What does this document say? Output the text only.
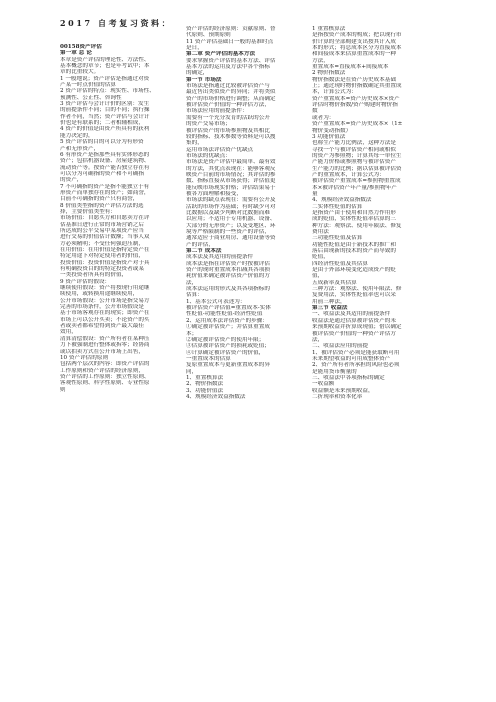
2017 自考复习资料：
00158资产评估
第一章 总 论
本章是资产评估的理论性、方法性、
基本概念的章节；也是年考试中；本
章的比重较大。
1 一般地说；资产评估是指通过对资
产某一时点价值的估算
2 资产评估的特点：现实性、市场性、
预测性、公正性、咨询性
3 资产评估与会计计价的区别：发生
的前提条件不同；目的不同；执行操
作者不同，当然；资产评估与会计计
价也是有联系的；二者相辅相成，
4 资产的价值是由资产所具有的获利
能力决定的，
5 资产评估的目的可以分为有形资
产和无形资产，
6 有形资产是指那些具有实体形态的
资产；包括机器设备、房屋建筑物、
流动资产等。按资产能否独立存在有
可以分为可确指的资产和不可确指
的资产，
7 不可确指的资产是指不能独立于有
形资产而单独存在的资产；如商誉，
目前不可确指的资产只有商誉，
8 价值类型指的资产评估方法的选
择，主要价值类型有：
市场价值：自愿买方和自愿卖方在评
估基准日进行正常的市场营销之后
所达成的公平交易中某项资产应当
进行交易的价值估计数额；当事人双
方必须精明；不受任何强迫压制，
在用价值：在用价值是指特定资产在
特定用途下对特定使用者的价值，
投资价值：投资价值是指资产对于具
有明确投资目的的特定投资者或某
一类投资者所具有的价值，
9 资产评估的假设：
继续使用假设：资产将按现行用途继
续使用，或转换用途继续使用，
公开市场假设：公开市场是指交易方
完善的市场条件，公开市场假设是
基于市场客观存在的现实；即资产在
市场上可以公开买卖；不论资产的买
者或卖者都希望得到资产最大最佳
效用，
清算清偿假设：资产所有者在某种压
力下被强制进行整体或拆零；经协商
或以拍卖方式在公开市场上出售，
10 资产评估的原则
包括两个层次的内容：即资产评估的
工作原则和资产评估的经济原则，
资产评估的工作原则：独立性原则、
客观性原则、科学性原则、专业性原
则
资产评估的经济原则：贡献原则、替
代原则、预期原则
11 资产评估基础日一般的基准时点
是日，
第二章 资产评估的基本方法
要求掌握资产评估的基本方法、评估
基本方法的运用及方法中各个指标
的确定，
第一节 市场法
市场法是指通过比较被评估资产与
最近售出类似资产的异同；并将类似
资产的市场价格进行调整；从而确定
被评估资产价值的一种评估方法，
市场法应用的前提条件：
需要有一个充分发育的活跃的公开
的资产交易市场；
被评估资产的市场参照物及其相比
较的指标、技术参数等资料是可以搜
集的，
运用市场法评估资产优缺点
市场法的优缺点：
市场法是资产评估中最简单、最有效
的方法，其优点表现在：能够客观反
映资产目前的市场情况；其评估的参
数、指标直接从市场获得；评估值更
能反映市场现实价格；评估结果易于
被各方面理解和接受，
市场法的缺点表现在：需要有公开及
活跃的市场作为基础；有时缺少可对
比数据以及缺少判断对比数据而难
以应用；不适用于专用机器、设备、
大部分的无形资产；以及受地区、环
境等严格限制的一些资产的评估，
通常适应于商业用房、通用设备等资
产的评估，
第二节 成本法
成本法及其适用的前提条件
成本法是指在评估资产时按被评估
资产的现时重置成本扣减其各项损
耗价值来确定被评估资产价值的方
法，
成本法运用的形式及其各项指标的
估算：
1、基本公式可表述为：
被评估资产评估值=重置成本-实体
性贬值-功能性贬值-经济性贬值
2、运用成本法评估资产的步骤：
①确定被评估资产；并估算重置成
本；
②确定被评估资产的使用年限；
③估算被评估资产的损耗或贬值；
④计算确定被评估资产的价值，
一重置成本的估算
复原重置成本与更新重置成本的异
同，
1、重置核算法
2、物价指数法
3、功能价值法
4、规模经济效益指数法
1 重置核算法
是指按资产成本的构成；把以现行市
价计算的全部购建支出按其计入成
本的形式；将总成本区分为直接成本
和间接成本来估算重置成本的一种
方法，
重置成本=直接成本+间接成本
2 物价指数法
物价指数法是在资产历史成本基础
上；通过现时物价指数确定其重置成
本，计算公式为：
资产重置成本=资产历史成本×资产
评估时物价指数/资产购建时物价指
数
或者为：
资产重置成本=资产历史成本×（1±
物价变动指数）
3 功能价值法
也称生产能力比例法，这种方法是
寻找一个与被评估资产相同或相似
的资产为参照物；计算其每一单位生
产能力价格或参照物与被评估资产
生产能力的比例；据以估算被评估资
产的重置成本，计算公式为：
被评估资产重置成本=参照物重置成
本×被评估资产年产量/参照物年产
量
4、规模经济效益指数法
二实体性贬值的估算
是指资产由于使用和自然力作用形
成的贬值，实体性贬值率估算的三
种方法：观察法、使用年限法、修复
费用法
三功能性贬值及估算
功能性贬值是由于新技术的推广和
落后由现新的技术的资产而导致的
贬值，
四经济性贬值及其估算
是由于外部环境变化造成资产的贬
值，
五成新率及其估算
三种方法：观察法、使用年限法、修
复费用法，实体性贬值率也可以采
用前三种法，
第三节 收益法
一、收益法及其适用的前提条件
收益法是通过估算被评估资产的未
来预期收益并折算成现值；借以确定
被评估资产价值的一种资产评估方
法，
二、收益法应用的前提
1、被评估资产必须是能获取断可用
未来期望收益的可用成整体资产
2、资产所有者所承担的风险也必须
是能用货币衡量的
三、收益法中各项指标的确定
一收益额
收益额是未来预期收益，
二折现率和资本化率
